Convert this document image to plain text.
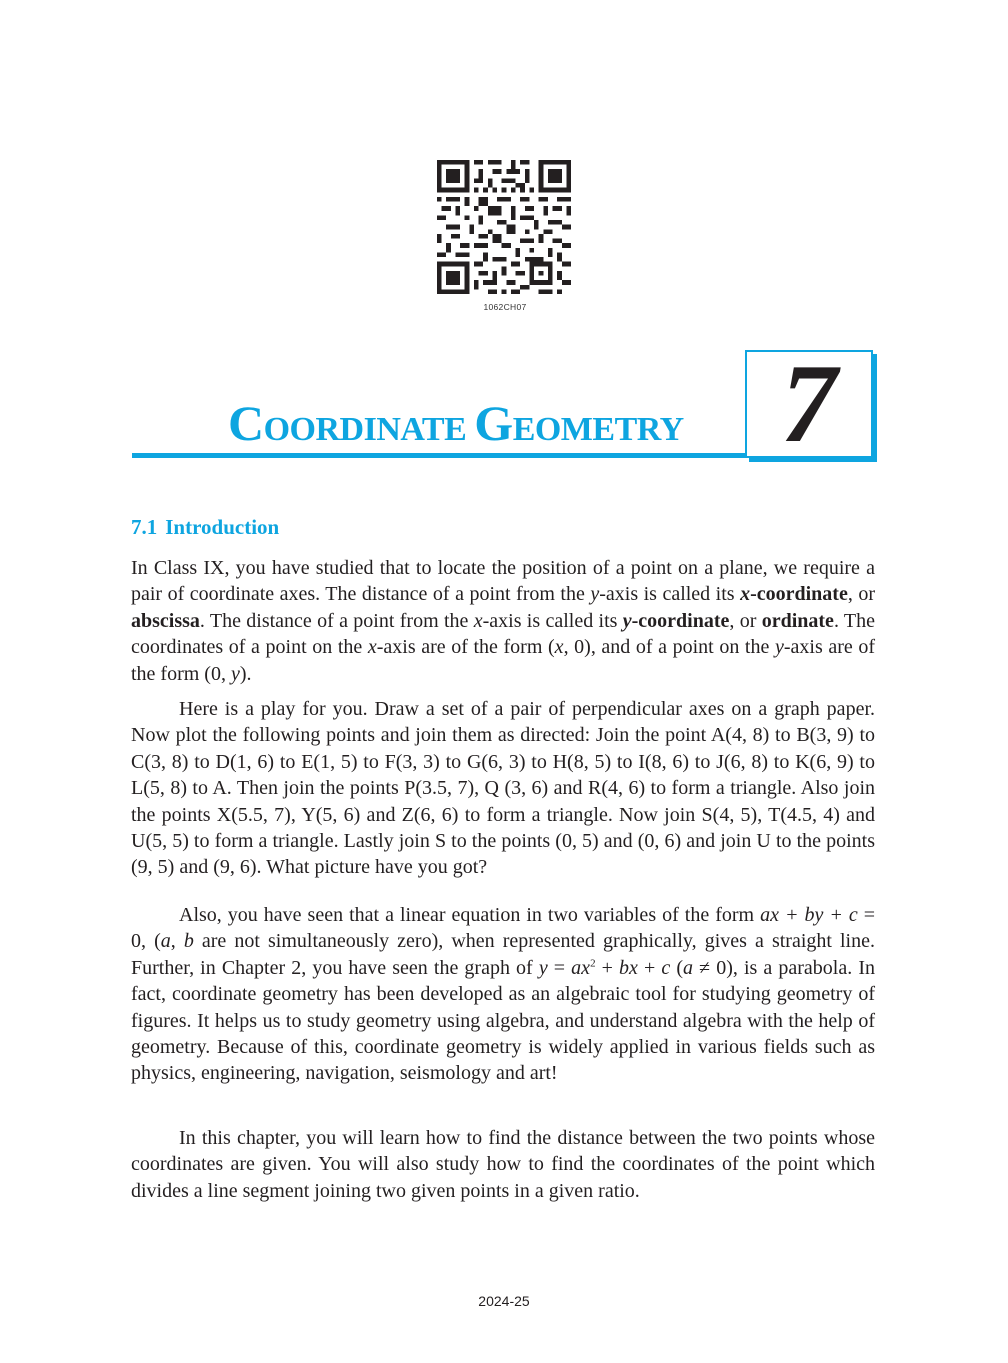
1062CH07
COORDINATE GEOMETRY 7
7.1 Introduction

In Class IX, you have studied that to locate the position of a point on a plane, we require a pair of coordinate axes. The distance of a point from the y-axis is called its x-coordinate, or abscissa. The distance of a point from the x-axis is called its y-coordinate, or ordinate. The coordinates of a point on the x-axis are of the form (x, 0), and of a point on the y-axis are of the form (0, y).

Here is a play for you. Draw a set of a pair of perpendicular axes on a graph paper. Now plot the following points and join them as directed: Join the point A(4, 8) to B(3, 9) to C(3, 8) to D(1, 6) to E(1, 5) to F(3, 3) to G(6, 3) to H(8, 5) to I(8, 6) to J(6, 8) to K(6, 9) to L(5, 8) to A. Then join the points P(3.5, 7), Q (3, 6) and R(4, 6) to form a triangle. Also join the points X(5.5, 7), Y(5, 6) and Z(6, 6) to form a triangle. Now join S(4, 5), T(4.5, 4) and U(5, 5) to form a triangle. Lastly join S to the points (0, 5) and (0, 6) and join U to the points (9, 5) and (9, 6). What picture have you got?

Also, you have seen that a linear equation in two variables of the form ax + by + c = 0, (a, b are not simultaneously zero), when represented graphically, gives a straight line. Further, in Chapter 2, you have seen the graph of $y = ax^2$ + bx + c (a ≠ 0), is a parabola. In fact, coordinate geometry has been developed as an algebraic tool for studying geometry of figures. It helps us to study geometry using algebra, and understand algebra with the help of geometry. Because of this, coordinate geometry is widely applied in various fields such as physics, engineering, navigation, seismology and art!

In this chapter, you will learn how to find the distance between the two points whose coordinates are given. You will also study how to find the coordinates of the point which divides a line segment joining two given points in a given ratio.

2024-25
